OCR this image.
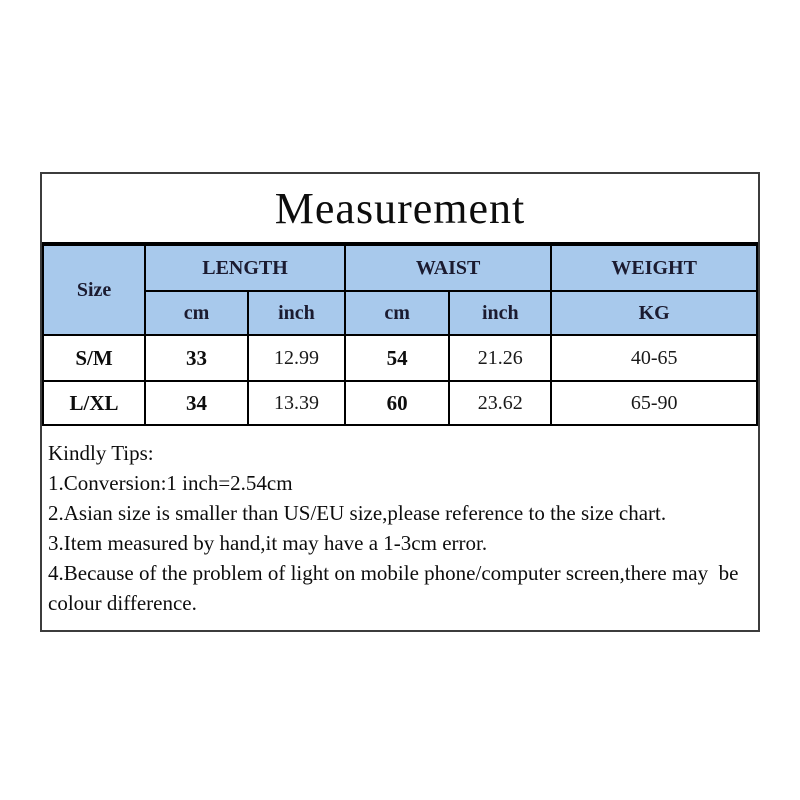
Measurement
Size	LENGTH		WAIST		WEIGHT
	cm	inch	cm	inch	KG
S/M	33	12.99	54	21.26	40-65
L/XL	34	13.39	60	23.62	65-90
Kindly Tips:
1.Conversion:1 inch=2.54cm
2.Asian size is smaller than US/EU size,please reference to the size chart.
3.Item measured by hand,it may have a 1-3cm error.
4.Because of the problem of light on mobile phone/computer screen,there may  be colour difference.
